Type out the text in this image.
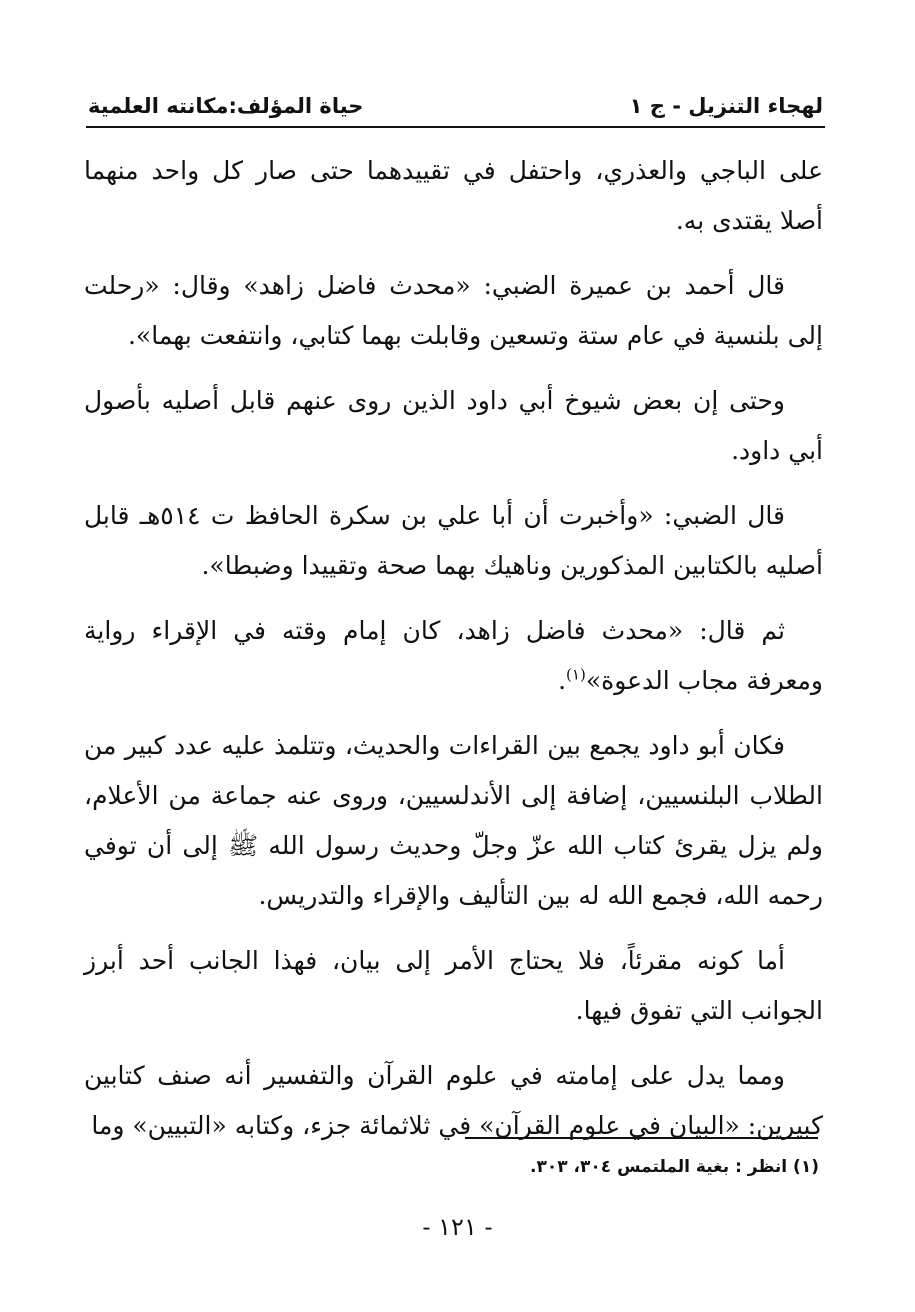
لهجاء التنزيل - ج ١
حياة المؤلف:مكانته العلمية

على الباجي والعذري، واحتفل في تقييدهما حتى صار كل واحد منهما أصلا يقتدى به.

قال أحمد بن عميرة الضبي: «محدث فاضل زاهد» وقال: «رحلت إلى بلنسية في عام ستة وتسعين وقابلت بهما كتابي، وانتفعت بهما».

وحتى إن بعض شيوخ أبي داود الذين روى عنهم قابل أصليه بأصول أبي داود.

قال الضبي: «وأخبرت أن أبا علي بن سكرة الحافظ ت ٥١٤هـ قابل أصليه بالكتابين المذكورين وناهيك بهما صحة وتقييدا وضبطا».

ثم قال: «محدث فاضل زاهد، كان إمام وقته في الإقراء رواية ومعرفة مجاب الدعوة»$^{(١)}$.

فكان أبو داود يجمع بين القراءات والحديث، وتتلمذ عليه عدد كبير من الطلاب البلنسيين، إضافة إلى الأندلسيين، وروى عنه جماعة من الأعلام، ولم يزل يقرئ كتاب الله عزّ وجلّ وحديث رسول الله ﷺ إلى أن توفي رحمه الله، فجمع الله له بين التأليف والإقراء والتدريس.

أما كونه مقرئاً، فلا يحتاج الأمر إلى بيان، فهذا الجانب أحد أبرز الجوانب التي تفوق فيها.

ومما يدل على إمامته في علوم القرآن والتفسير أنه صنف كتابين كبيرين: «البيان في علوم القرآن» في ثلاثمائة جزء، وكتابه «التبيين» وما

(١) انظر : بغية الملتمس ٣٠٤، ٣٠٣.
- ١٢١ -
